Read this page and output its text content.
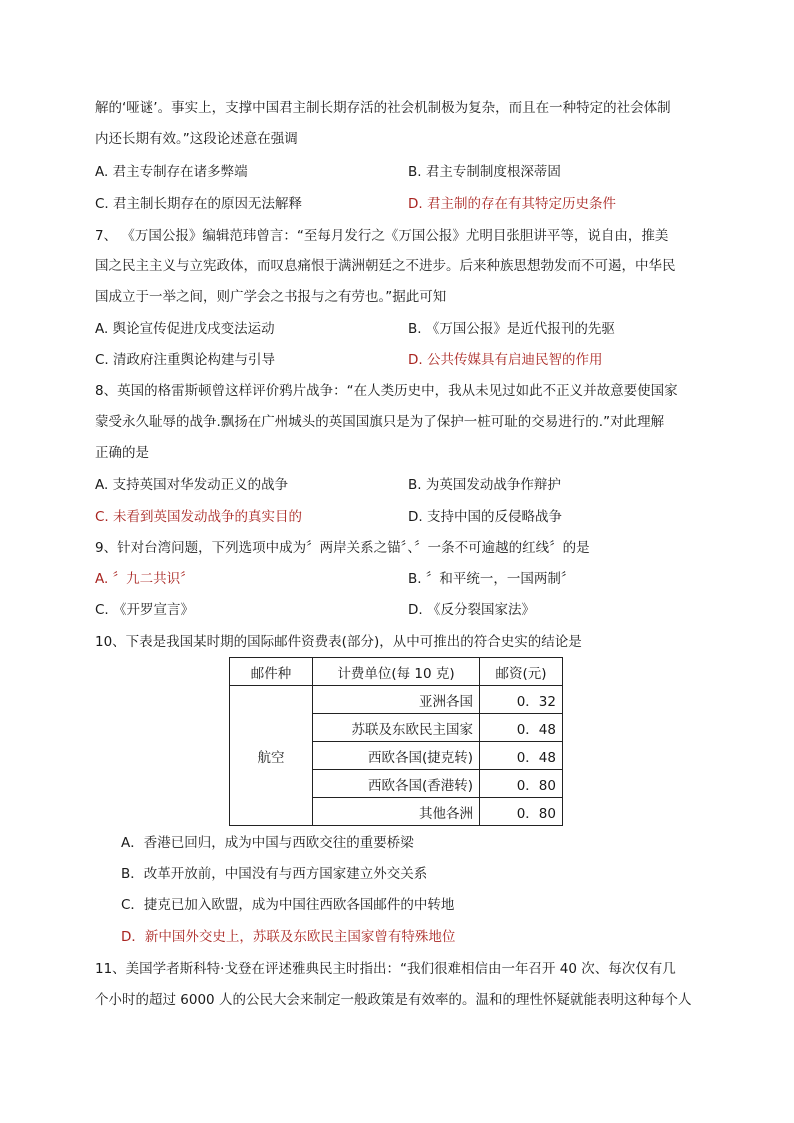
解的‘哑谜’。事实上，支撑中国君主制长期存活的社会机制极为复杂，而且在一种特定的社会体制
内还长期有效。”这段论述意在强调
A. 君主专制存在诸多弊端	B. 君主专制制度根深蒂固
C. 君主制长期存在的原因无法解释	D. 君主制的存在有其特定历史条件
7、 《万国公报》编辑范玮曾言：“至每月发行之《万国公报》尤明目张胆讲平等，说自由，推美
国之民主主义与立宪政体，而叹息痛恨于满洲朝廷之不进步。后来种族思想勃发而不可遏，中华民
国成立于一举之间，则广学会之书报与之有劳也。”据此可知
A. 舆论宣传促进戊戌变法运动	B. 《万国公报》是近代报刊的先驱
C. 清政府注重舆论构建与引导	D. 公共传媒具有启迪民智的作用
8、英国的格雷斯顿曾这样评价鸦片战争：“在人类历史中，我从未见过如此不正义并故意要使国家
蒙受永久耻辱的战争.飘扬在广州城头的英国国旗只是为了保护一桩可耻的交易进行的.”对此理解
正确的是
A. 支持英国对华发动正义的战争	B. 为英国发动战争作辩护
C. 未看到英国发动战争的真实目的	D. 支持中国的反侵略战争
9、针对台湾问题，下列选项中成为〞两岸关系之锚〞、〞一条不可逾越的红线〞的是
A. 〞九二共识〞	B. 〞和平统一，一国两制〞
C. 《开罗宣言》	D. 《反分裂国家法》
10、下表是我国某时期的国际邮件资费表(部分)，从中可推出的符合史实的结论是
邮件种	计费单位(每 10 克)	邮资(元)
航空	亚洲各国	0．32
	苏联及东欧民主国家	0．48
	西欧各国(捷克转)	0．48
	西欧各国(香港转)	0．80
	其他各洲	0．80
A．香港已回归，成为中国与西欧交往的重要桥梁
B．改革开放前，中国没有与西方国家建立外交关系
C．捷克已加入欧盟，成为中国往西欧各国邮件的中转地
D．新中国外交史上，苏联及东欧民主国家曾有特殊地位
11、美国学者斯科特·戈登在评述雅典民主时指出：“我们很难相信由一年召开 40 次、每次仅有几
个小时的超过 6000 人的公民大会来制定一般政策是有效率的。温和的理性怀疑就能表明这种每个人
